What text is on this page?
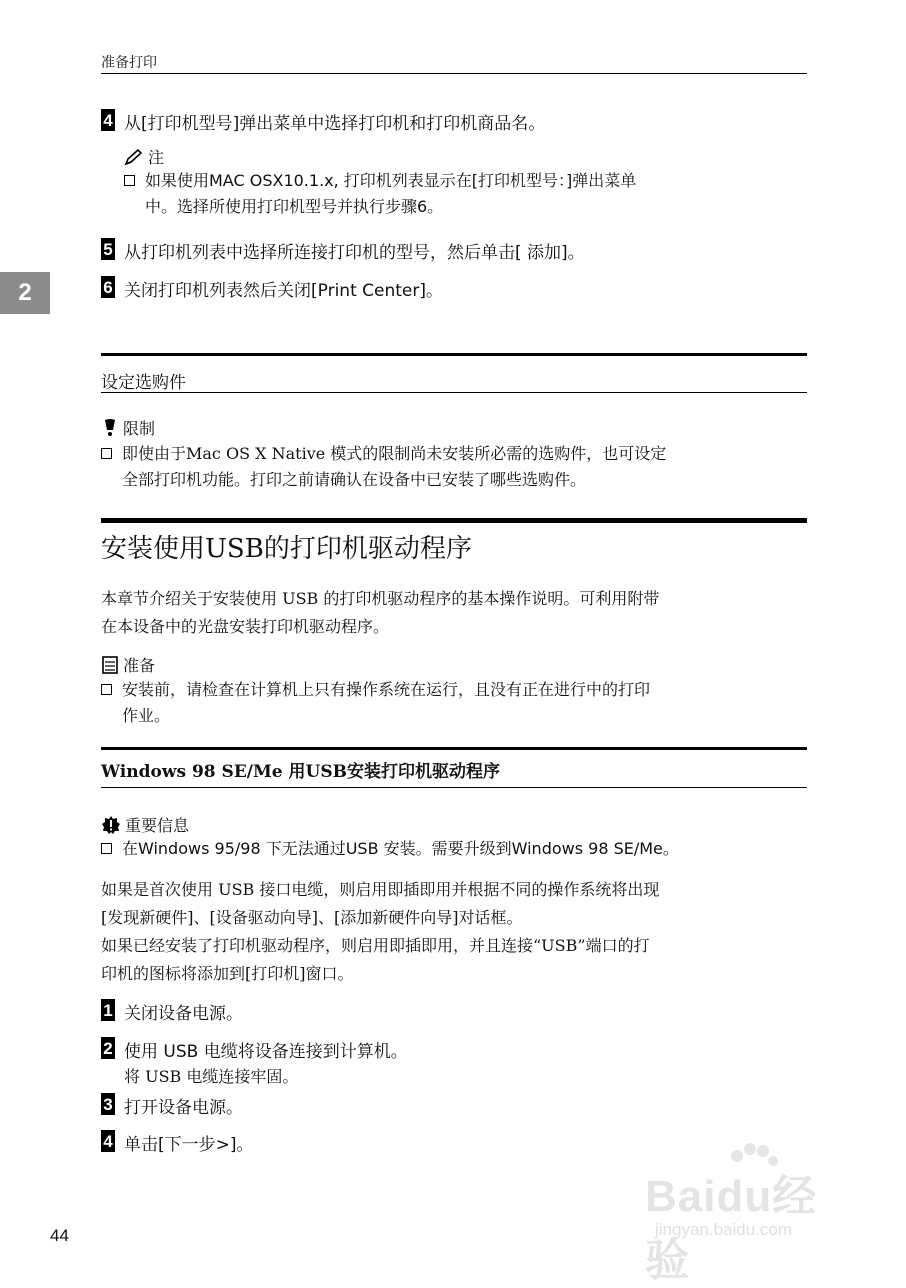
准备打印
2
4 从[打印机型号]弹出菜单中选择打印机和打印机商品名。
注
如果使用MAC OSX10.1.x, 打印机列表显示在[打印机型号：]弹出菜单
中。选择所使用打印机型号并执行步骤6。
5 从打印机列表中选择所连接打印机的型号，然后单击[ 添加]。
6 关闭打印机列表然后关闭[Print Center]。
设定选购件
限制
即使由于Mac OS X Native 模式的限制尚未安装所必需的选购件，也可设定
全部打印机功能。打印之前请确认在设备中已安装了哪些选购件。
安装使用USB的打印机驱动程序
本章节介绍关于安装使用 USB 的打印机驱动程序的基本操作说明。可利用附带
在本设备中的光盘安装打印机驱动程序。
准备
安装前，请检查在计算机上只有操作系统在运行，且没有正在进行中的打印
作业。
Windows 98 SE/Me 用USB安装打印机驱动程序
重要信息
在Windows 95/98 下无法通过USB 安装。需要升级到Windows 98 SE/Me。
如果是首次使用 USB 接口电缆，则启用即插即用并根据不同的操作系统将出现
[发现新硬件]、[设备驱动向导]、[添加新硬件向导]对话框。
如果已经安装了打印机驱动程序，则启用即插即用，并且连接“USB”端口的打
印机的图标将添加到[打印机]窗口。
1 关闭设备电源。
2 使用 USB 电缆将设备连接到计算机。
将 USB 电缆连接牢固。
3 打开设备电源。
4 单击[下一步>]。
44
Baidu经验
jingyan.baidu.com
